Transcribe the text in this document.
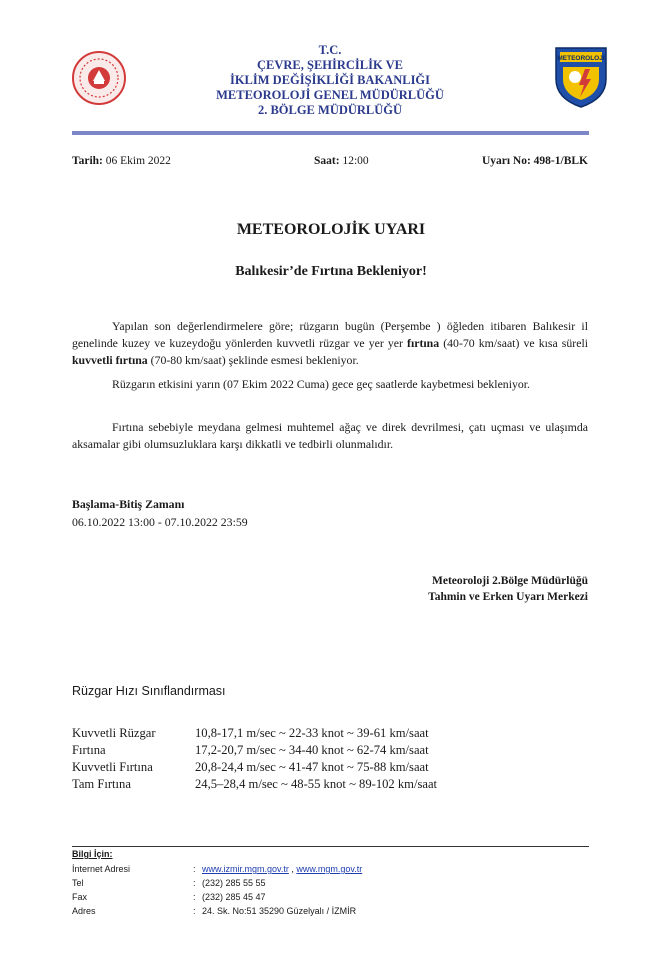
T.C.
ÇEVRE, ŞEHİRCİLİK VE
İKLİM DEĞİŞİKLİĞİ BAKANLIĞI
METEOROLOJİ GENEL MÜDÜRLÜĞÜ
2. BÖLGE MÜDÜRLÜĞÜ
METEOROLOJİ
Tarih: 06 Ekim 2022	Saat: 12:00	Uyarı No: 498-1/BLK
METEOROLOJİK UYARI
Balıkesir’de Fırtına Bekleniyor!
Yapılan son değerlendirmelere göre; rüzgarın bugün (Perşembe ) öğleden itibaren Balıkesir il genelinde kuzey ve kuzeydoğu yönlerden kuvvetli rüzgar ve yer yer fırtına (40-70 km/saat) ve kısa süreli kuvvetli fırtına (70-80 km/saat) şeklinde esmesi bekleniyor.
Rüzgarın etkisini yarın (07 Ekim 2022 Cuma) gece geç saatlerde kaybetmesi bekleniyor.
Fırtına sebebiyle meydana gelmesi muhtemel ağaç ve direk devrilmesi, çatı uçması ve ulaşımda aksamalar gibi olumsuzluklara karşı dikkatli ve tedbirli olunmalıdır.
Başlama-Bitiş Zamanı
06.10.2022 13:00 - 07.10.2022 23:59
Meteoroloji 2.Bölge Müdürlüğü
Tahmin ve Erken Uyarı Merkezi
Rüzgar Hızı Sınıflandırması
Kuvvetli Rüzgar	10,8-17,1 m/sec ~ 22-33 knot ~ 39-61 km/saat
Fırtına	17,2-20,7 m/sec ~ 34-40 knot ~ 62-74 km/saat
Kuvvetli Fırtına	20,8-24,4 m/sec ~ 41-47 knot ~ 75-88 km/saat
Tam Fırtına	24,5–28,4 m/sec ~ 48-55 knot ~ 89-102 km/saat
Bilgi İçin:
İnternet Adresi	: www.izmir.mgm.gov.tr , www.mgm.gov.tr
Tel	: (232) 285 55 55
Fax	: (232) 285 45 47
Adres	: 24. Sk. No:51 35290 Güzelyalı / İZMİR
